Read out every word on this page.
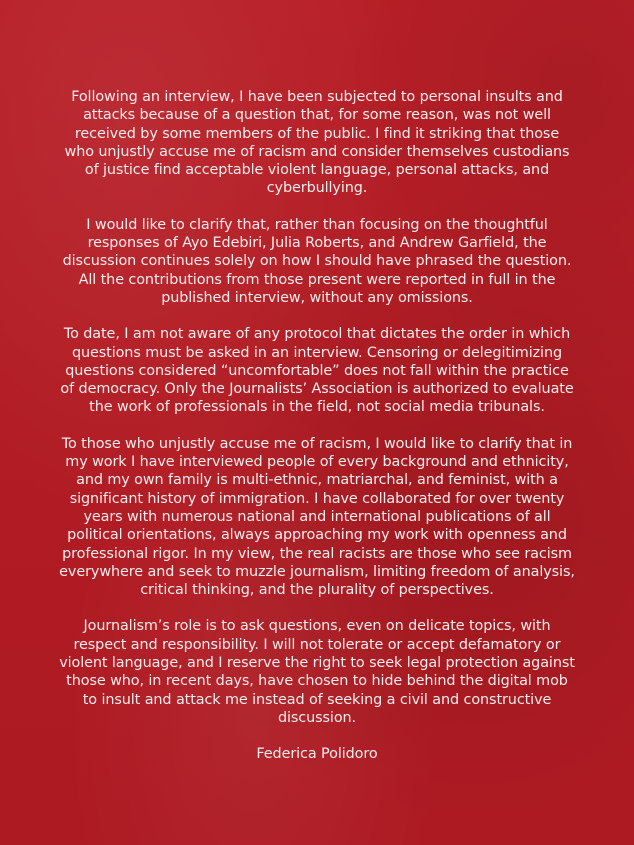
Following an interview, I have been subjected to personal insults and attacks because of a question that, for some reason, was not well received by some members of the public. I find it striking that those who unjustly accuse me of racism and consider themselves custodians of justice find acceptable violent language, personal attacks, and cyberbullying.

I would like to clarify that, rather than focusing on the thoughtful responses of Ayo Edebiri, Julia Roberts, and Andrew Garfield, the discussion continues solely on how I should have phrased the question. All the contributions from those present were reported in full in the published interview, without any omissions.

To date, I am not aware of any protocol that dictates the order in which questions must be asked in an interview. Censoring or delegitimizing questions considered “uncomfortable” does not fall within the practice of democracy. Only the Journalists’ Association is authorized to evaluate the work of professionals in the field, not social media tribunals.

To those who unjustly accuse me of racism, I would like to clarify that in my work I have interviewed people of every background and ethnicity, and my own family is multi-ethnic, matriarchal, and feminist, with a significant history of immigration. I have collaborated for over twenty years with numerous national and international publications of all political orientations, always approaching my work with openness and professional rigor. In my view, the real racists are those who see racism everywhere and seek to muzzle journalism, limiting freedom of analysis, critical thinking, and the plurality of perspectives.

Journalism’s role is to ask questions, even on delicate topics, with respect and responsibility. I will not tolerate or accept defamatory or violent language, and I reserve the right to seek legal protection against those who, in recent days, have chosen to hide behind the digital mob to insult and attack me instead of seeking a civil and constructive discussion.

Federica Polidoro
